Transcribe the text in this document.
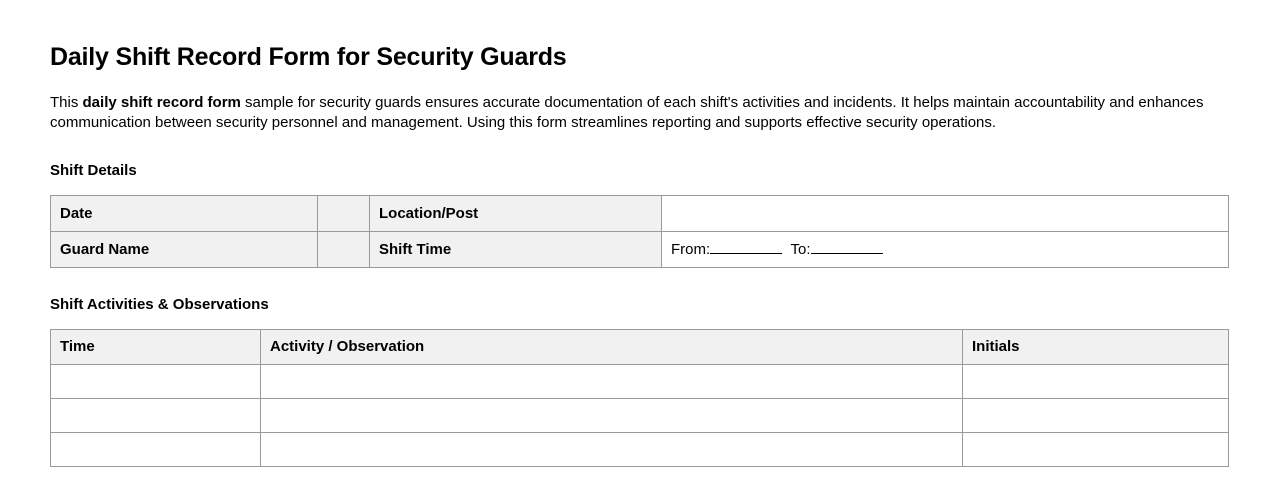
Daily Shift Record Form for Security Guards

This daily shift record form sample for security guards ensures accurate documentation of each shift's activities and incidents. It helps maintain accountability and enhances communication between security personnel and management. Using this form streamlines reporting and supports effective security operations.

Shift Details
Date		Location/Post	
Guard Name		Shift Time	From: To:
Shift Activities & Observations
Time	Activity / Observation	Initials
